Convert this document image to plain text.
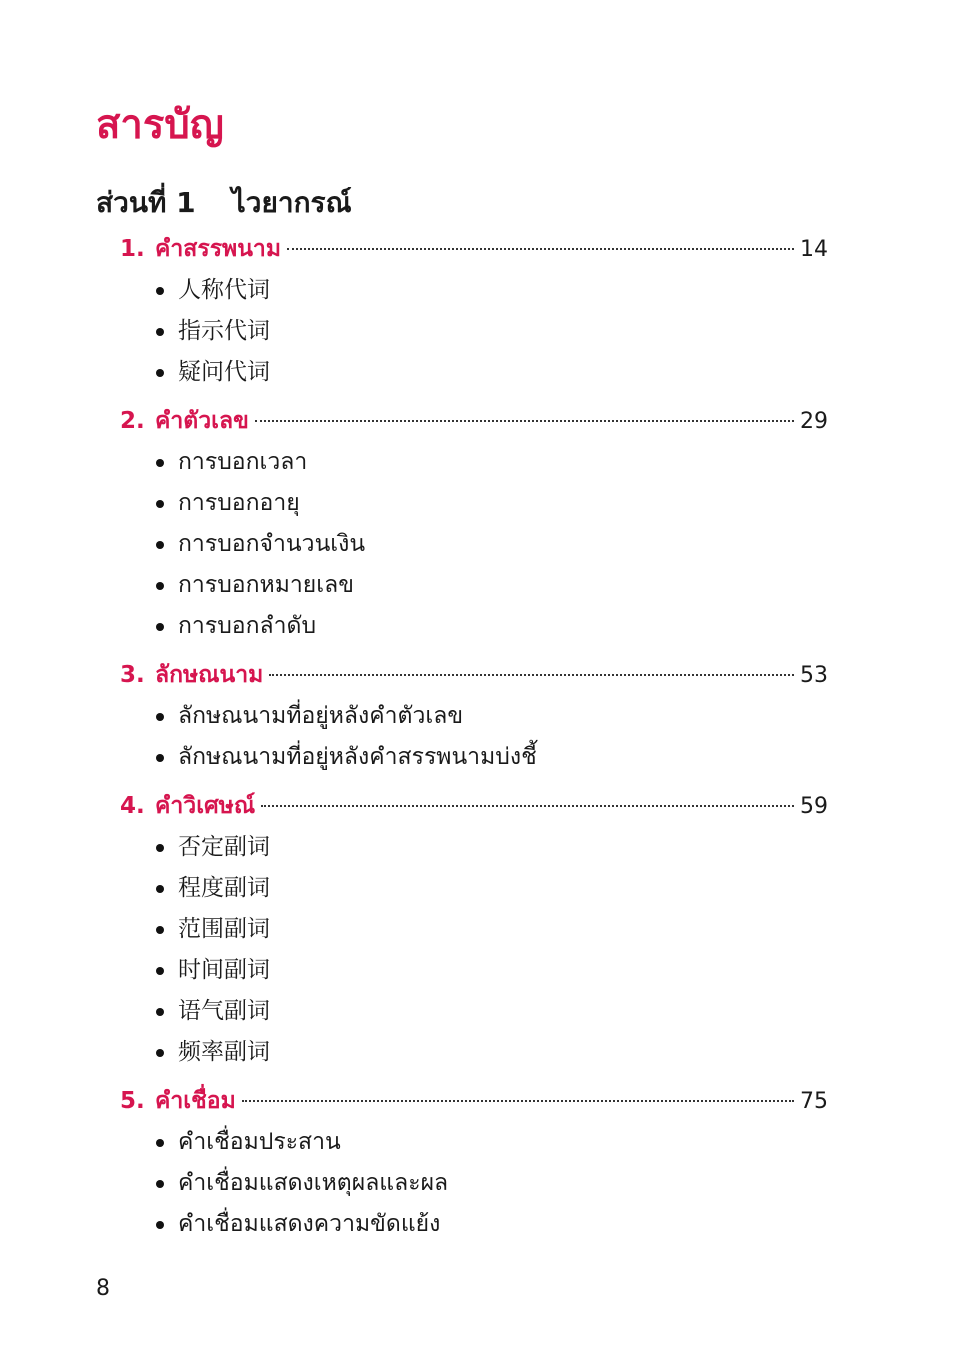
สารบัญ
ส่วนที่ 1 ไวยากรณ์
1. คำสรรพนาม	14
人称代词
指示代词
疑问代词
2. คำตัวเลข	29
การบอกเวลา
การบอกอายุ
การบอกจำนวนเงิน
การบอกหมายเลข
การบอกลำดับ
3. ลักษณนาม	53
ลักษณนามที่อยู่หลังคำตัวเลข
ลักษณนามที่อยู่หลังคำสรรพนามบ่งชี้
4. คำวิเศษณ์	59
否定副词
程度副词
范围副词
时间副词
语气副词
频率副词
5. คำเชื่อม	75
คำเชื่อมประสาน
คำเชื่อมแสดงเหตุผลและผล
คำเชื่อมแสดงความขัดแย้ง
8
